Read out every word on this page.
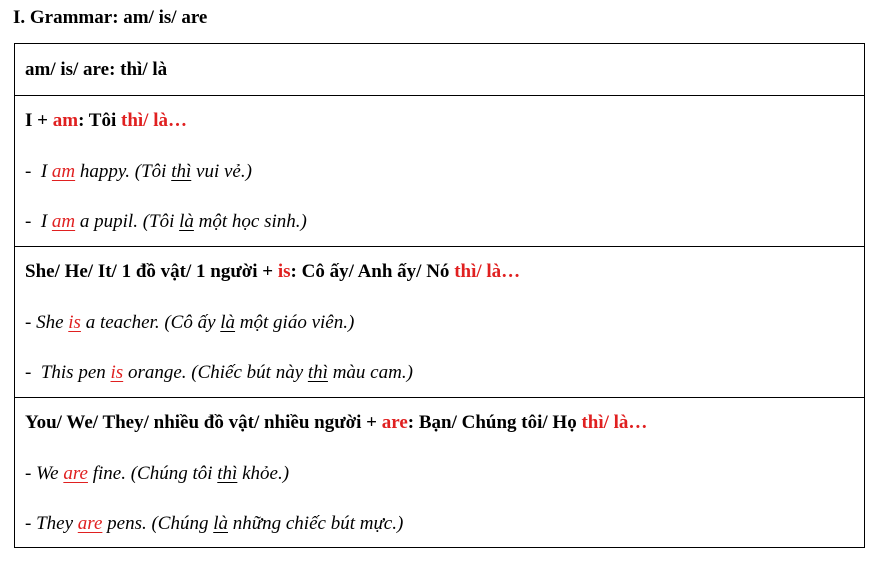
I. Grammar: am/ is/ are
am/ is/ are: thì/ là
I + am : Tôi thì/ là…
-  I am happy. (Tôi thì vui vẻ.)
-  I am a pupil. (Tôi là một học sinh.)
She/ He/ It/ 1 đồ vật/ 1 người + is : Cô ấy/ Anh ấy/ Nó thì/ là…
- She is a teacher. (Cô ấy là một giáo viên.)
-  This pen is orange. (Chiếc bút này thì màu cam.)
You/ We/ They/ nhiều đồ vật/ nhiều người + are : Bạn/ Chúng tôi/ Họ thì/ là…
- We are fine. (Chúng tôi thì khỏe.)
- They are pens. (Chúng là những chiếc bút mực.)
